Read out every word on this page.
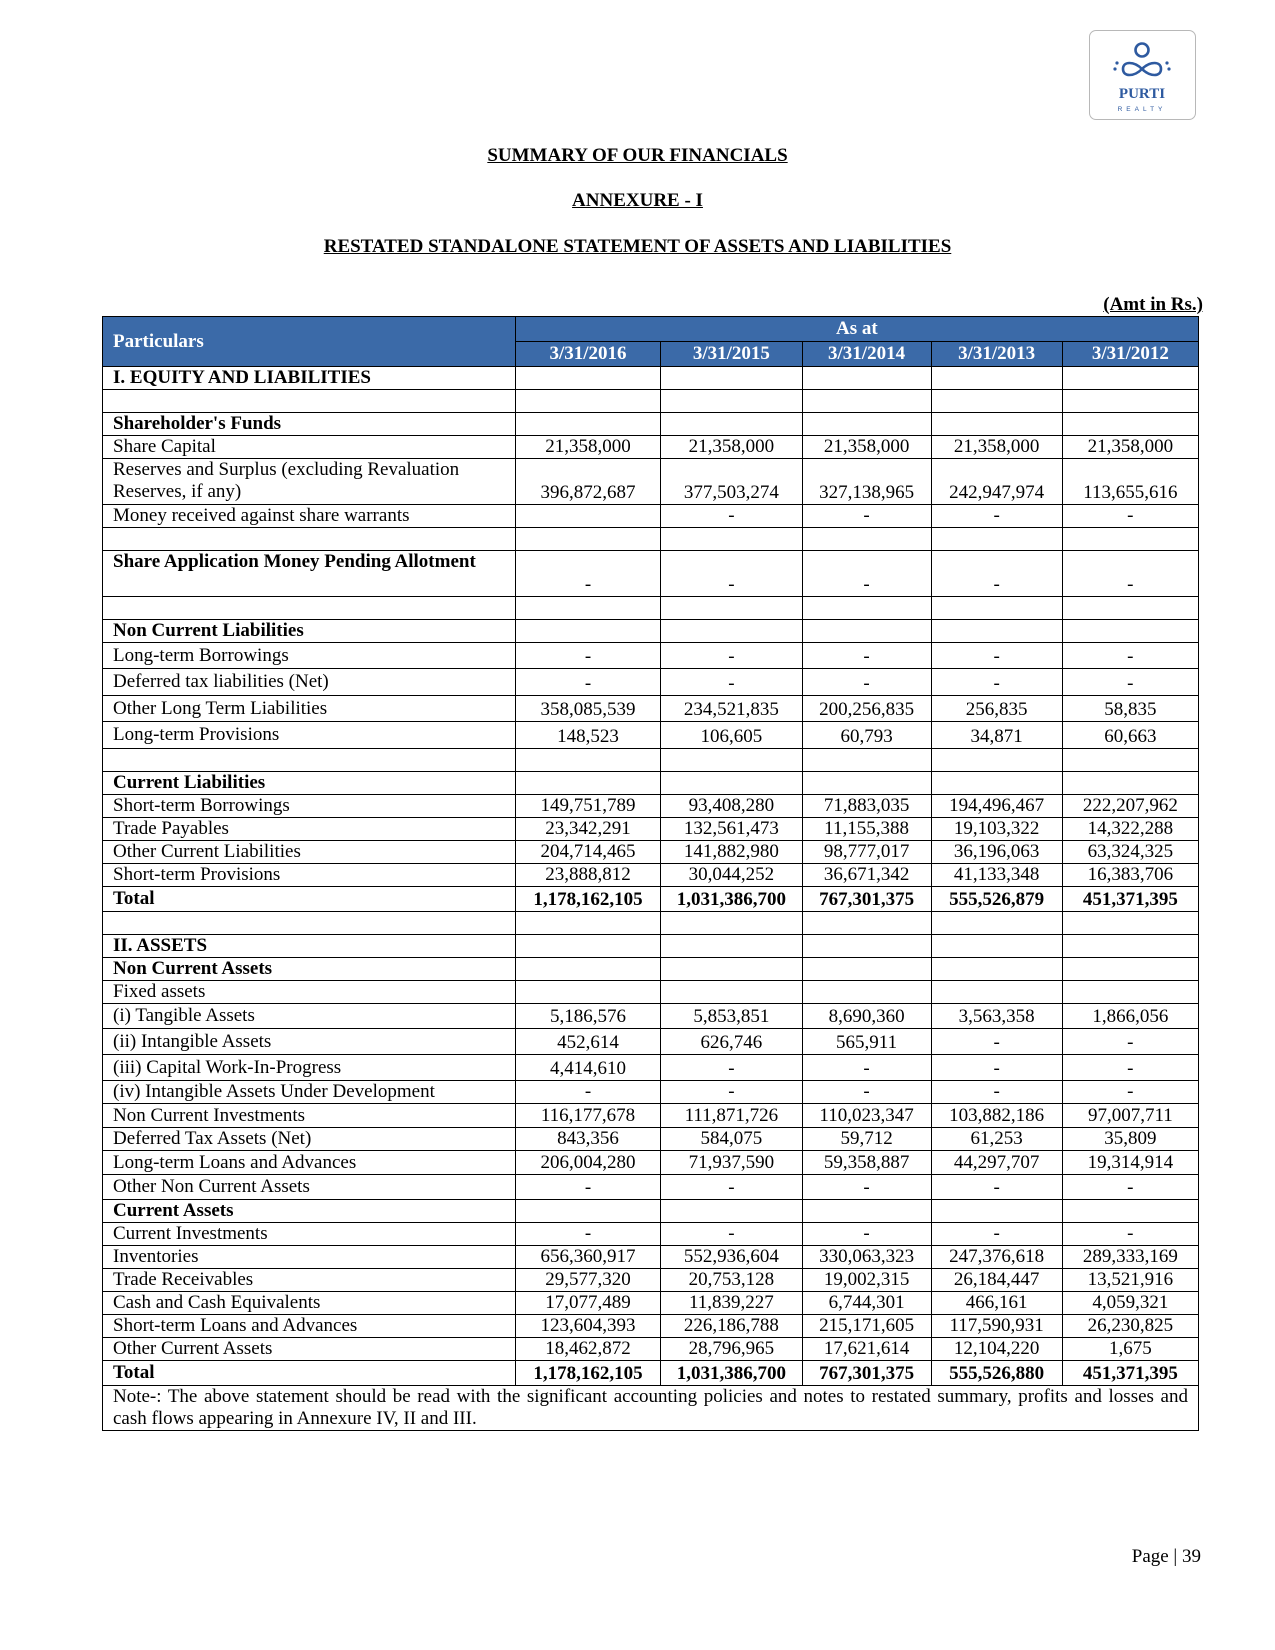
PURTI
REALTY
SUMMARY OF OUR FINANCIALS
ANNEXURE - I
RESTATED STANDALONE STATEMENT OF ASSETS AND LIABILITIES
(Amt in Rs.)
Particulars	As at				
	3/31/2016	3/31/2015	3/31/2014	3/31/2013	3/31/2012
I. EQUITY AND LIABILITIES					

Shareholder's Funds					
Share Capital	21,358,000	21,358,000	21,358,000	21,358,000	21,358,000
Reserves and Surplus (excluding Revaluation Reserves, if any)	396,872,687	377,503,274	327,138,965	242,947,974	113,655,616
Money received against share warrants		-	-	-	-

Share Application Money Pending Allotment	-	-	-	-	-

Non Current Liabilities					
Long-term Borrowings	-	-	-	-	-
Deferred tax liabilities (Net)	-	-	-	-	-
Other Long Term Liabilities	358,085,539	234,521,835	200,256,835	256,835	58,835
Long-term Provisions	148,523	106,605	60,793	34,871	60,663

Current Liabilities					
Short-term Borrowings	149,751,789	93,408,280	71,883,035	194,496,467	222,207,962
Trade Payables	23,342,291	132,561,473	11,155,388	19,103,322	14,322,288
Other Current Liabilities	204,714,465	141,882,980	98,777,017	36,196,063	63,324,325
Short-term Provisions	23,888,812	30,044,252	36,671,342	41,133,348	16,383,706
Total	1,178,162,105	1,031,386,700	767,301,375	555,526,879	451,371,395

II. ASSETS					
Non Current Assets					
Fixed assets					
(i) Tangible Assets	5,186,576	5,853,851	8,690,360	3,563,358	1,866,056
(ii) Intangible Assets	452,614	626,746	565,911	-	-
(iii) Capital Work-In-Progress	4,414,610	-	-	-	-
(iv) Intangible Assets Under Development	-	-	-	-	-
Non Current Investments	116,177,678	111,871,726	110,023,347	103,882,186	97,007,711
Deferred Tax Assets (Net)	843,356	584,075	59,712	61,253	35,809
Long-term Loans and Advances	206,004,280	71,937,590	59,358,887	44,297,707	19,314,914
Other Non Current Assets	-	-	-	-	-
Current Assets					
Current Investments	-	-	-	-	-
Inventories	656,360,917	552,936,604	330,063,323	247,376,618	289,333,169
Trade Receivables	29,577,320	20,753,128	19,002,315	26,184,447	13,521,916
Cash and Cash Equivalents	17,077,489	11,839,227	6,744,301	466,161	4,059,321
Short-term Loans and Advances	123,604,393	226,186,788	215,171,605	117,590,931	26,230,825
Other Current Assets	18,462,872	28,796,965	17,621,614	12,104,220	1,675
Total	1,178,162,105	1,031,386,700	767,301,375	555,526,880	451,371,395
Note-: The above statement should be read with the significant accounting policies and notes to restated summary, profits and losses and cash flows appearing in Annexure IV, II and III.					
Page | 39
